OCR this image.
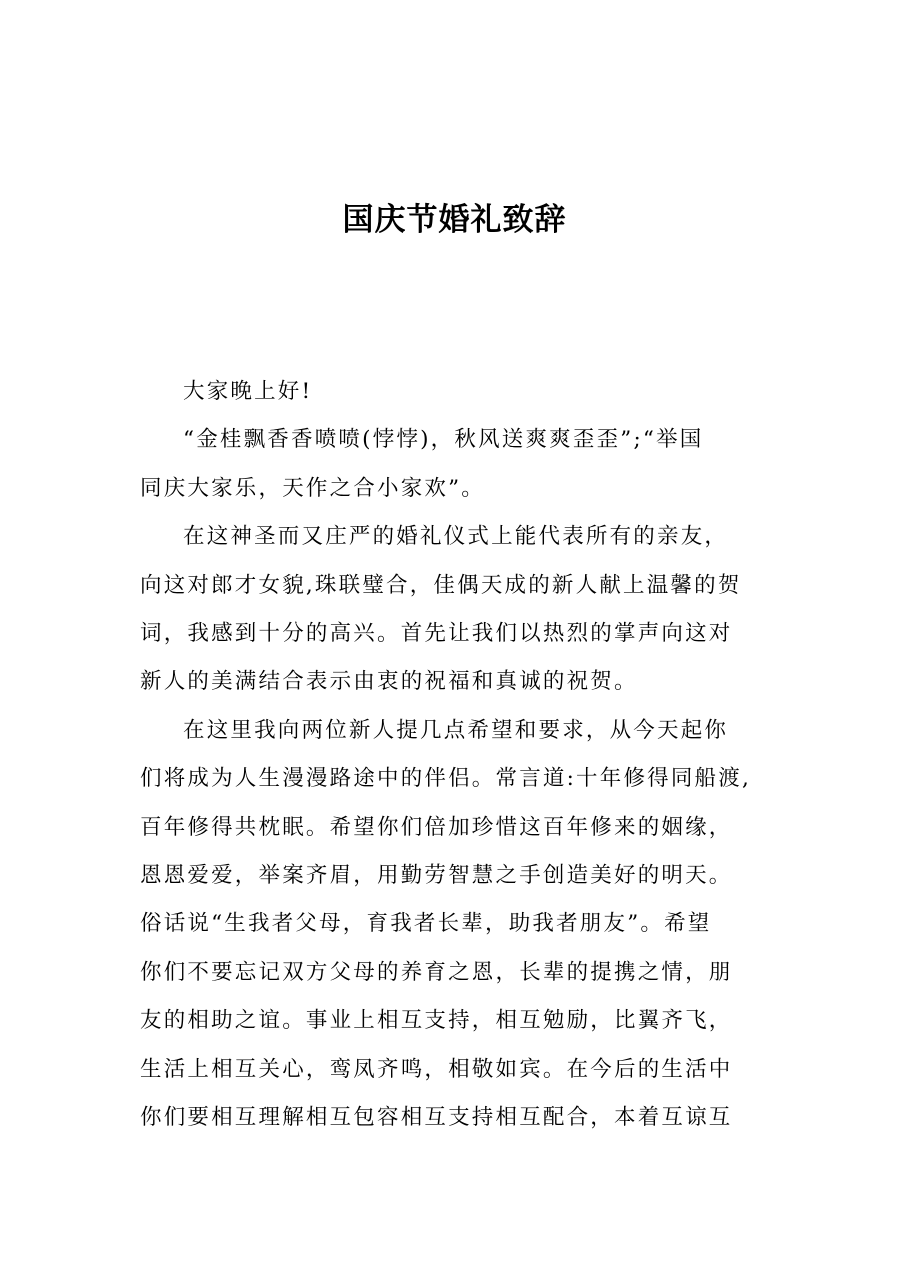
国庆节婚礼致辞

大家晚上好!

“金桂飘香香喷喷(悖悖)，秋风送爽爽歪歪”;“举国
同庆大家乐，天作之合小家欢”。

在这神圣而又庄严的婚礼仪式上能代表所有的亲友，
向这对郎才女貌,珠联璧合，佳偶天成的新人献上温馨的贺
词，我感到十分的高兴。首先让我们以热烈的掌声向这对
新人的美满结合表示由衷的祝福和真诚的祝贺。

在这里我向两位新人提几点希望和要求，从今天起你
们将成为人生漫漫路途中的伴侣。常言道:十年修得同船渡,
百年修得共枕眠。希望你们倍加珍惜这百年修来的姻缘，
恩恩爱爱，举案齐眉，用勤劳智慧之手创造美好的明天。
俗话说“生我者父母，育我者长辈，助我者朋友”。希望
你们不要忘记双方父母的养育之恩，长辈的提携之情，朋
友的相助之谊。事业上相互支持，相互勉励，比翼齐飞，
生活上相互关心，鸾凤齐鸣，相敬如宾。在今后的生活中
你们要相互理解相互包容相互支持相互配合，本着互谅互
